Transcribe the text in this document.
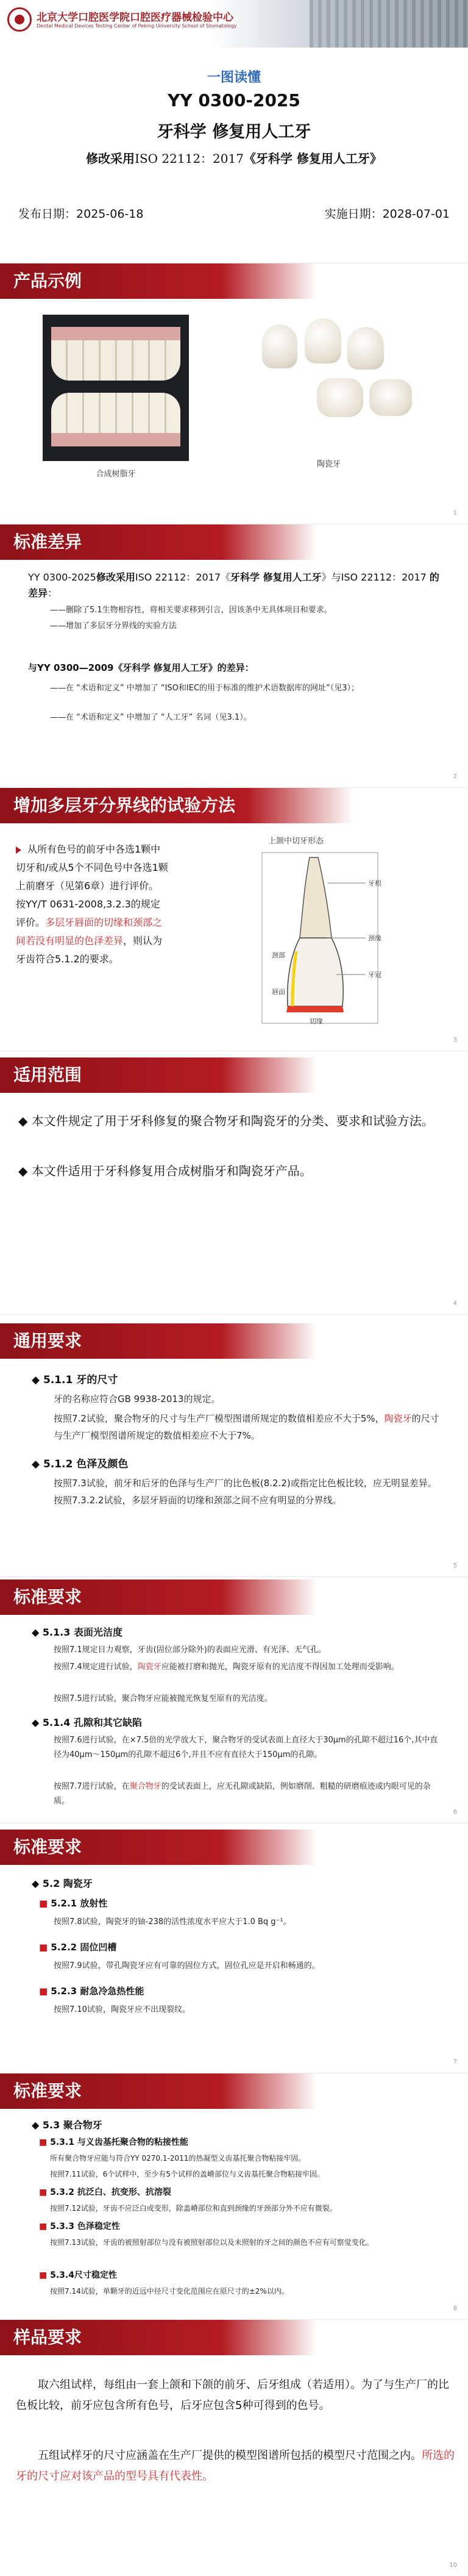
北京大学口腔医学院口腔医疗器械检验中心
Dental Medical Devices Testing Center of Peking University School of Stomatology
一图读懂
YY 0300-2025
牙科学 修复用人工牙
修改采用ISO 22112：2017《牙科学 修复用人工牙》
发布日期：2025-06-18	实施日期：2028-07-01
产品示例
合成树脂牙
陶瓷牙
1
标准差异
YY 0300-2025修改采用ISO 22112：2017《牙科学 修复用人工牙》与ISO 22112：2017 的差异：
——删除了5.1生物相容性，将相关要求移到引言，因该条中无具体项目和要求。
——增加了多层牙分界线的实验方法
与YY 0300—2009《牙科学 修复用人工牙》的差异：
——在 “术语和定义” 中增加了 “ISO和IEC的用于标准的维护术语数据库的网址”（见3）；
——在 “术语和定义” 中增加了 “人工牙” 名词（见3.1）。
2
增加多层牙分界线的试验方法
从所有色号的前牙中各选1颗中切牙和/或从5个不同色号中各选1颗上前磨牙（见第6章）进行评价。按YY/T 0631-2008,3.2.3的规定评价。多层牙唇面的切缘和颈部之间若没有明显的色泽差异，则认为牙齿符合5.1.2的要求。
上颌中切牙形态
牙根
颈缘
牙冠
唇面
切缘
颈部
3
适用范围
◆ 本文件规定了用于牙科修复的聚合物牙和陶瓷牙的分类、要求和试验方法。
◆ 本文件适用于牙科修复用合成树脂牙和陶瓷牙产品。
4
通用要求
◆ 5.1.1 牙的尺寸
牙的名称应符合GB 9938-2013的规定。
按照7.2试验，聚合物牙的尺寸与生产厂模型图谱所规定的数值相差应不大于5%，陶瓷牙的尺寸与生产厂模型图谱所规定的数值相差应不大于7%。
◆ 5.1.2 色泽及颜色
按照7.3试验，前牙和后牙的色泽与生产厂的比色板(8.2.2)或指定比色板比较，应无明显差异。按照7.3.2.2试验，多层牙唇面的切缘和颈部之间不应有明显的分界线。
5
标准要求
◆ 5.1.3 表面光洁度
按照7.1规定目力观察，牙齿(固位部分除外)的表面应光滑、有光泽、无气孔。
按照7.4规定进行试验，陶瓷牙应能被打磨和抛光，陶瓷牙原有的光洁度不得因加工处理而受影响。
按照7.5进行试验，聚合物牙应能被抛光恢复至原有的光洁度。
◆ 5.1.4 孔隙和其它缺陷
按照7.6进行试验，在×7.5倍的光学放大下，聚合物牙的受试表面上直径大于30μm的孔隙不超过16个,其中直径为40μm～150μm的孔隙不超过6个,并且不应有直径大于150μm的孔隙。
按照7.7进行试验，在聚合物牙的受试表面上，应无孔隙或缺陷，例如磨削、粗糙的研磨痕迹或内眼可见的杂质。
6
标准要求
◆ 5.2 陶瓷牙
■ 5.2.1 放射性
按照7.8试验，陶瓷牙的铀-238的活性浓度水平应大于1.0 Bq g⁻¹。
■ 5.2.2 固位凹槽
按照7.9试验，带孔陶瓷牙应有可靠的固位方式，固位孔应是开启和畅通的。
■ 5.2.3 耐急冷急热性能
按照7.10试验，陶瓷牙应不出现裂纹。
7
标准要求
◆ 5.3 聚合物牙
■ 5.3.1 与义齿基托聚合物的粘接性能
所有聚合物牙应能与符合YY 0270.1-2011的热凝型义齿基托聚合物粘接牢固。
按照7.11试验，6个试样中，至少有5个试样的盖嵴部位与义齿基托聚合物粘接牢固。
■ 5.3.2 抗泛白、抗变形、抗溶裂
按照7.12试验，牙齿不应泛白或变形，除盖嵴部位和直到颈缘的牙颈部分外不应有微裂。
■ 5.3.3 色泽稳定性
按照7.13试验，牙齿的被照射部位与没有被照射部位以及未照射的牙之间的颜色不应有可察觉变化。
■ 5.3.4尺寸稳定性
按照7.14试验，单颗牙的近远中径尺寸变化范围应在原尺寸的±2%以内。
8
样品要求
取六组试样，每组由一套上颌和下颌的前牙、后牙组成（若适用）。为了与生产厂的比色板比较，前牙应包含所有色号，后牙应包含5种可得到的色号。
五组试样牙的尺寸应涵盖在生产厂提供的模型图谱所包括的模型尺寸范围之内。所选的牙的尺寸应对该产品的型号具有代表性。
10
